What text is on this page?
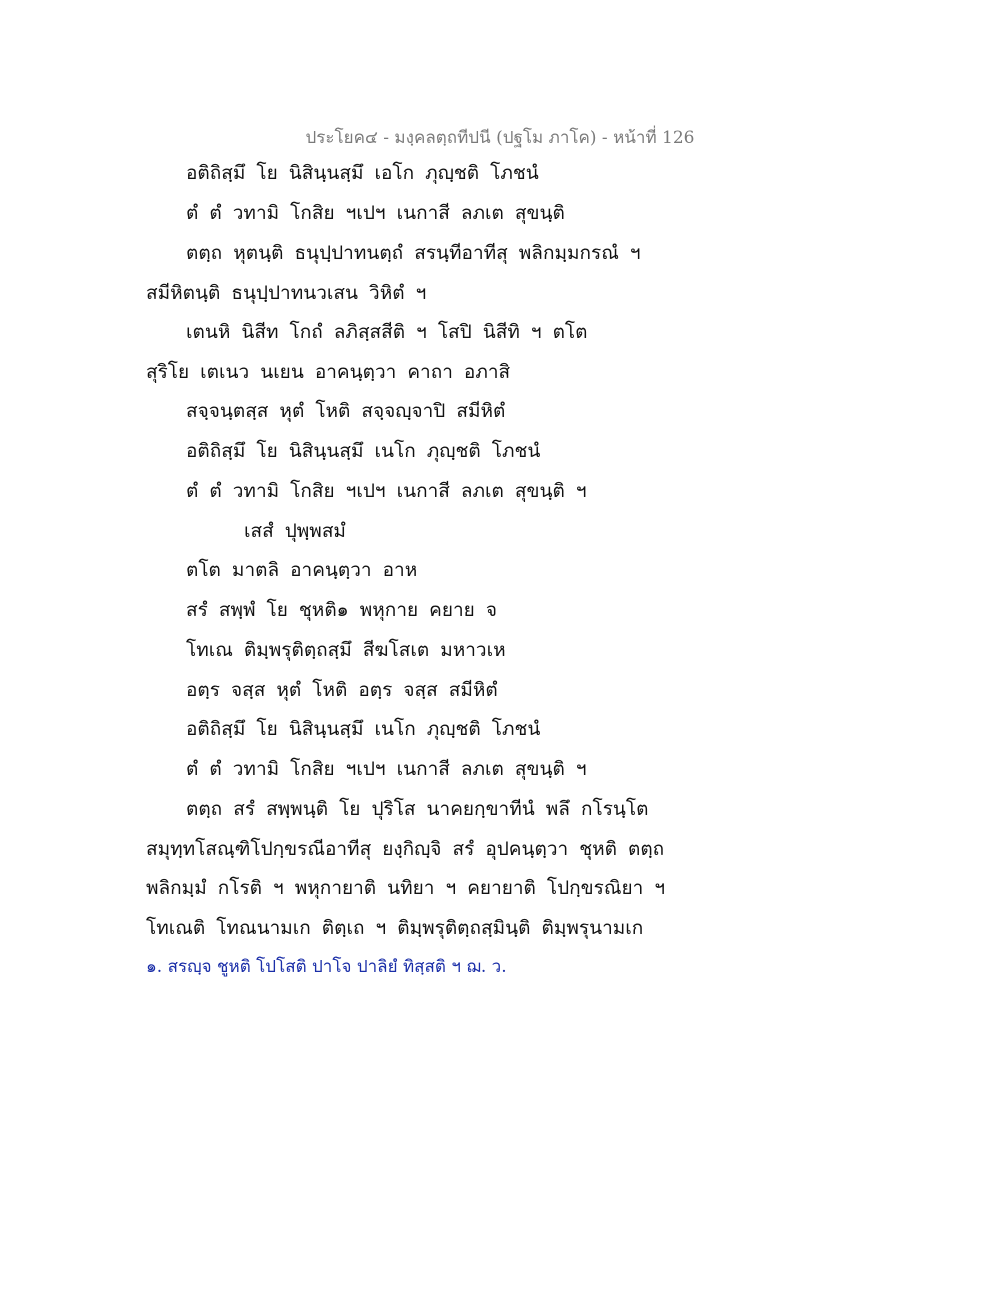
ประโยค๔ - มงฺคลตฺถทีปนี (ปฐโม ภาโค) - หน้าที่ 126
อติถิสฺมึ โย นิสินฺนสฺมึ เอโก ภุญฺชติ โภชนํ
ตํ ตํ วทามิ โกสิย ฯเปฯ เนกาสี ลภเต สุขนฺติ
ตตฺถ หุตนฺติ ธนุปฺปาทนตฺถํ สรนฺทีอาทีสุ พลิกมฺมกรณํ ฯ
สมีหิตนฺติ ธนุปฺปาทนวเสน วิหิตํ ฯ
เตนหิ นิสีท โกถํ ลภิสฺสสีติ ฯ โสปิ นิสีทิ ฯ ตโต
สุริโย เตเนว นเยน อาคนฺตฺวา คาถา อภาสิ
สจฺจนฺตสฺส หุตํ โหติ สจฺจญฺจาปิ สมีหิตํ
อติถิสฺมึ โย นิสินฺนสฺมึ เนโก ภุญฺชติ โภชนํ
ตํ ตํ วทามิ โกสิย ฯเปฯ เนกาสี ลภเต สุขนฺติ ฯ
เสสํ ปุพฺพสมํ
ตโต มาตลิ อาคนฺตฺวา อาห
สรํ สพฺพํ โย ชุหติ๑ พหุกาย คยาย จ
โทเณ ติมฺพรุติตฺถสฺมึ สีฆโสเต มหาวเห
อตฺร จสฺส หุตํ โหติ อตฺร จสฺส สมีหิตํ
อติถิสฺมึ โย นิสินฺนสฺมึ เนโก ภุญฺชติ โภชนํ
ตํ ตํ วทามิ โกสิย ฯเปฯ เนกาสี ลภเต สุขนฺติ ฯ
ตตฺถ สรํ สพฺพนฺติ โย ปุริโส นาคยกฺขาทีนํ พลึ กโรนฺโต
สมุทฺทโสณฺฑิโปกฺขรณีอาทีสุ ยงฺกิญฺจิ สรํ อุปคนฺตฺวา ชุหติ ตตฺถ
พลิกมฺมํ กโรติ ฯ พหุกายาติ นทิยา ฯ คยายาติ โปกฺขรณิยา ฯ
โทเณติ โทณนามเก ติตฺเถ ฯ ติมฺพรุติตฺถสฺมินฺติ ติมฺพรุนามเก
๑. สรญฺจ ชูหติ โปโสติ ปาโจ ปาลิยํ ทิสฺสติ ฯ ฌ. ว.
